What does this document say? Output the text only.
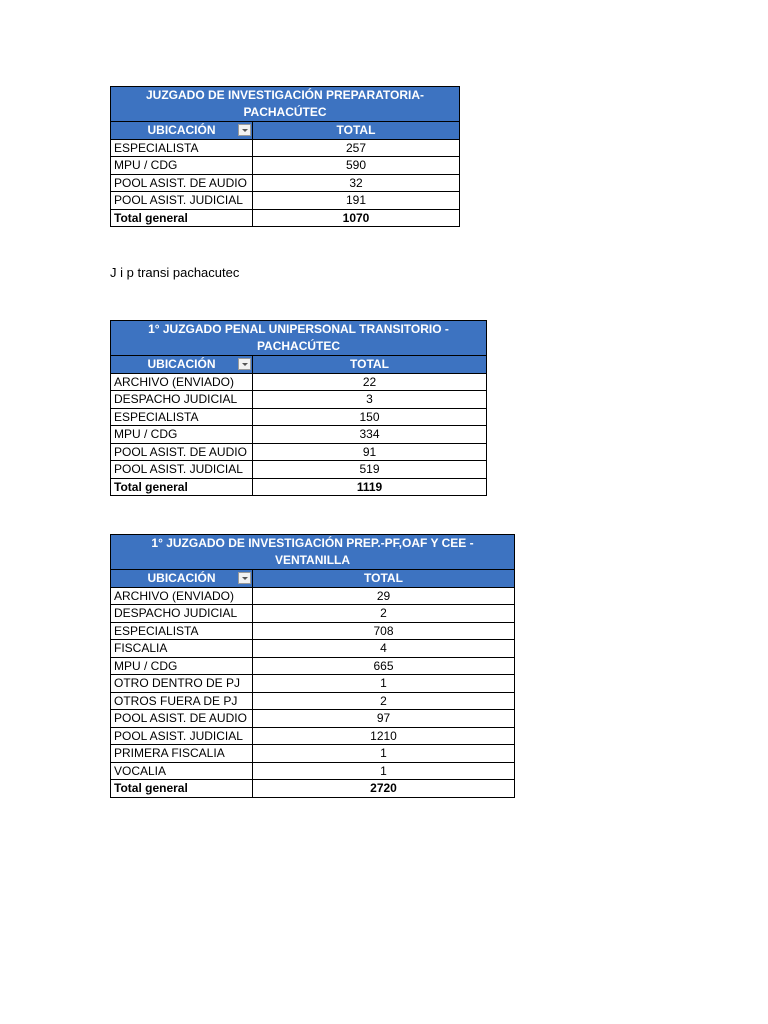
JUZGADO DE INVESTIGACIÓN PREPARATORIA- PACHACÚTEC	
UBICACIÓN	TOTAL
ESPECIALISTA	257
MPU / CDG	590
POOL ASIST. DE AUDIO	32
POOL ASIST. JUDICIAL	191
Total general	1070
J i p transi pachacutec
1° JUZGADO PENAL UNIPERSONAL TRANSITORIO - PACHACÚTEC	
UBICACIÓN	TOTAL
ARCHIVO (ENVIADO)	22
DESPACHO JUDICIAL	3
ESPECIALISTA	150
MPU / CDG	334
POOL ASIST. DE AUDIO	91
POOL ASIST. JUDICIAL	519
Total general	1119
1° JUZGADO DE INVESTIGACIÓN PREP.-PF,OAF Y CEE - VENTANILLA	
UBICACIÓN	TOTAL
ARCHIVO (ENVIADO)	29
DESPACHO JUDICIAL	2
ESPECIALISTA	708
FISCALIA	4
MPU / CDG	665
OTRO DENTRO DE PJ	1
OTROS FUERA DE PJ	2
POOL ASIST. DE AUDIO	97
POOL ASIST. JUDICIAL	1210
PRIMERA FISCALIA	1
VOCALIA	1
Total general	2720
